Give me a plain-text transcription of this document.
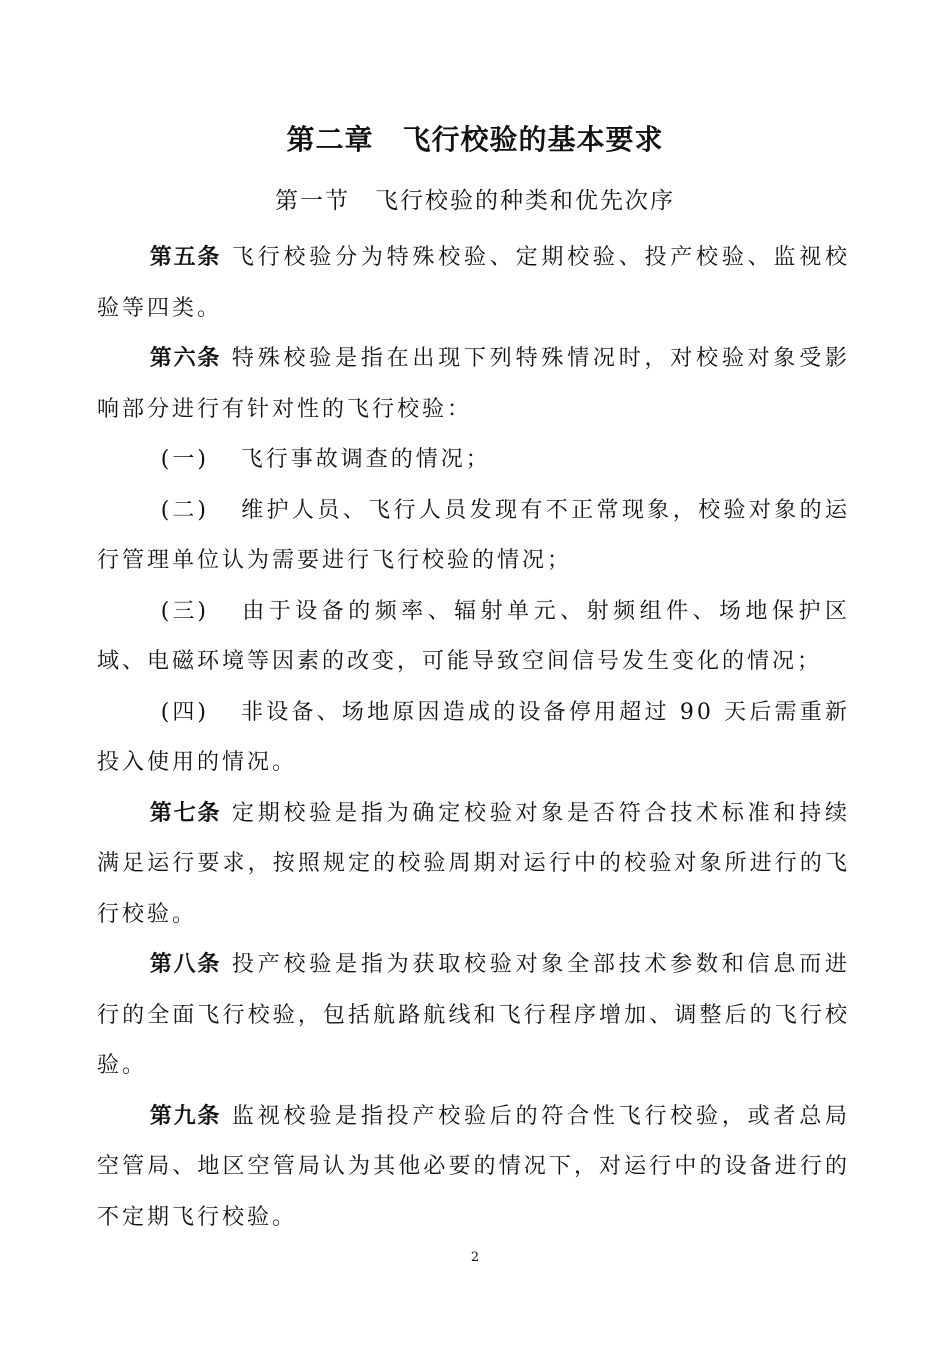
第二章　飞行校验的基本要求
第一节　飞行校验的种类和优先次序

第五条 飞行校验分为特殊校验、定期校验、投产校验、监视校验等四类。

第六条 特殊校验是指在出现下列特殊情况时，对校验对象受影响部分进行有针对性的飞行校验：

(一) 飞行事故调查的情况；

(二) 维护人员、飞行人员发现有不正常现象，校验对象的运行管理单位认为需要进行飞行校验的情况；

(三) 由于设备的频率、辐射单元、射频组件、场地保护区域、电磁环境等因素的改变，可能导致空间信号发生变化的情况；

(四) 非设备、场地原因造成的设备停用超过 90 天后需重新投入使用的情况。

第七条 定期校验是指为确定校验对象是否符合技术标准和持续满足运行要求，按照规定的校验周期对运行中的校验对象所进行的飞行校验。

第八条 投产校验是指为获取校验对象全部技术参数和信息而进行的全面飞行校验，包括航路航线和飞行程序增加、调整后的飞行校验。

第九条 监视校验是指投产校验后的符合性飞行校验，或者总局空管局、地区空管局认为其他必要的情况下，对运行中的设备进行的不定期飞行校验。

2
